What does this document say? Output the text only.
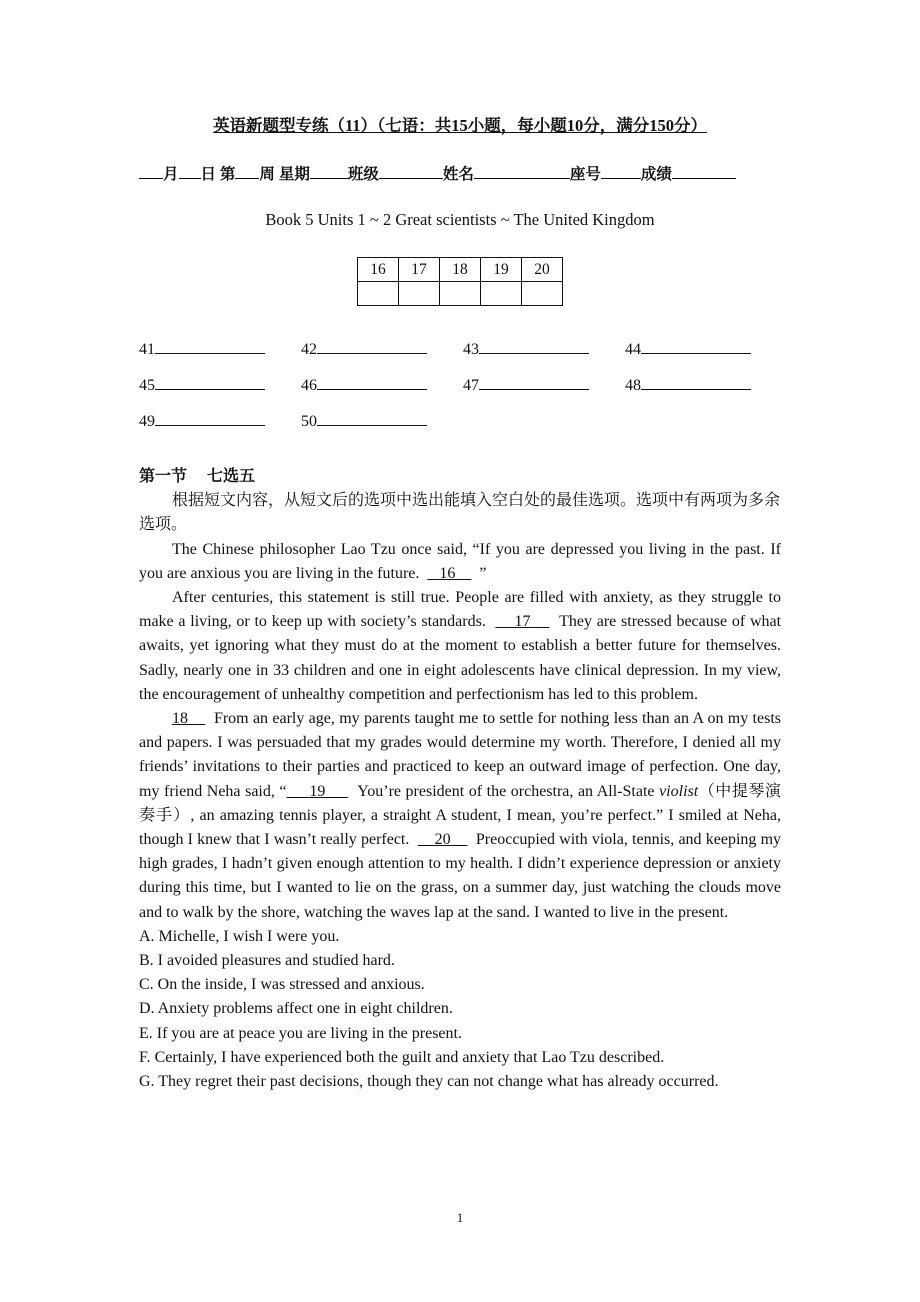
英语新题型专练（11）（七语：共15小题，每小题10分，满分150分）
月 日 第 周 星期 班级	姓名	座号	成绩
Book 5 Units 1 ~ 2 Great scientists ~ The United Kingdom
16	17	18	19	20

41	42	43	44
45	46	47	48
49	50

第一节 七选五

根据短文内容，从短文后的选项中选出能填入空白处的最佳选项。选项中有两项为多余选项。

The Chinese philosopher Lao Tzu once said, “If you are depressed you living in the past. If you are anxious you are living in the future. 16 ”

After centuries, this statement is still true. People are filled with anxiety, as they struggle to make a living, or to keep up with society’s standards. 17 They are stressed because of what awaits, yet ignoring what they must do at the moment to establish a better future for themselves. Sadly, nearly one in 33 children and one in eight adolescents have clinical depression. In my view, the encouragement of unhealthy competition and perfectionism has led to this problem.

18 From an early age, my parents taught me to settle for nothing less than an A on my tests and papers. I was persuaded that my grades would determine my worth. Therefore, I denied all my friends’ invitations to their parties and practiced to keep an outward image of perfection. One day, my friend Neha said, “ 19 You’re president of the orchestra, an All-State violist（中提琴演奏手）, an amazing tennis player, a straight A student, I mean, you’re perfect.” I smiled at Neha, though I knew that I wasn’t really perfect. 20 Preoccupied with viola, tennis, and keeping my high grades, I hadn’t given enough attention to my health. I didn’t experience depression or anxiety during this time, but I wanted to lie on the grass, on a summer day, just watching the clouds move and to walk by the shore, watching the waves lap at the sand. I wanted to live in the present.

A. Michelle, I wish I were you.

B. I avoided pleasures and studied hard.

C. On the inside, I was stressed and anxious.

D. Anxiety problems affect one in eight children.

E. If you are at peace you are living in the present.

F. Certainly, I have experienced both the guilt and anxiety that Lao Tzu described.

G. They regret their past decisions, though they can not change what has already occurred.

1
